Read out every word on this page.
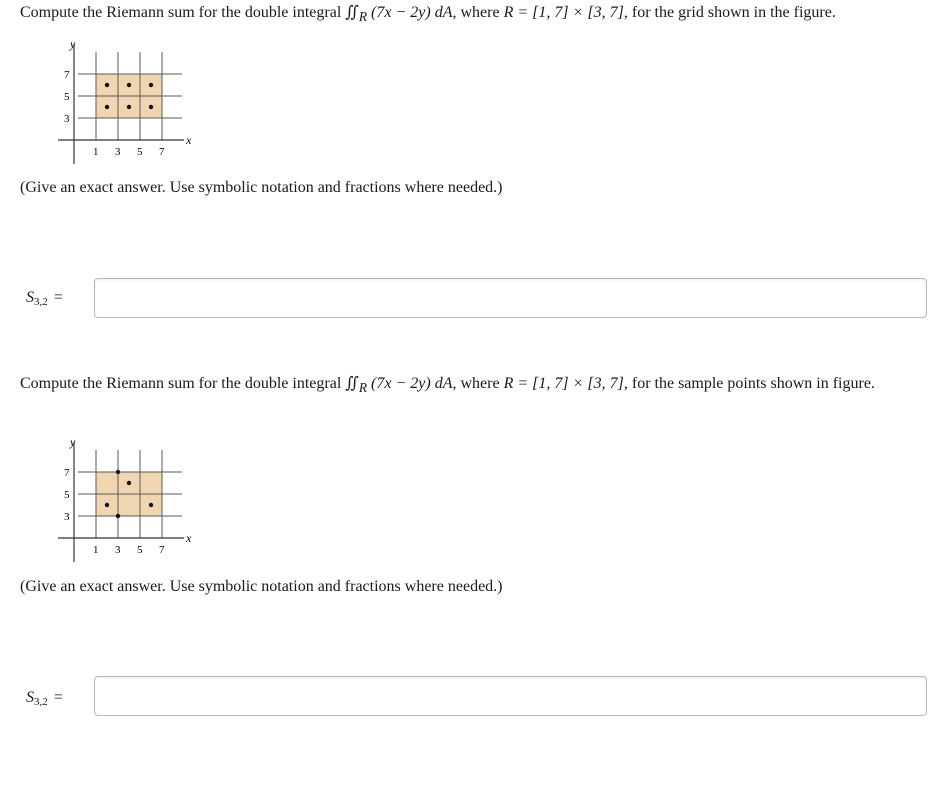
Compute the Riemann sum for the double integral $∬_R$ (7x − 2y) dA, where R = [1, 7] × [3, 7], for the grid shown in the figure.
y
x
7
5
3
1 3 5 7
(Give an exact answer. Use symbolic notation and fractions where needed.)
$S_{3,2}$ =
Compute the Riemann sum for the double integral $∬_R$ (7x − 2y) dA, where R = [1, 7] × [3, 7], for the sample points shown in figure.
y
x
7
5
3
1 3 5 7
(Give an exact answer. Use symbolic notation and fractions where needed.)
$S_{3,2}$ =
